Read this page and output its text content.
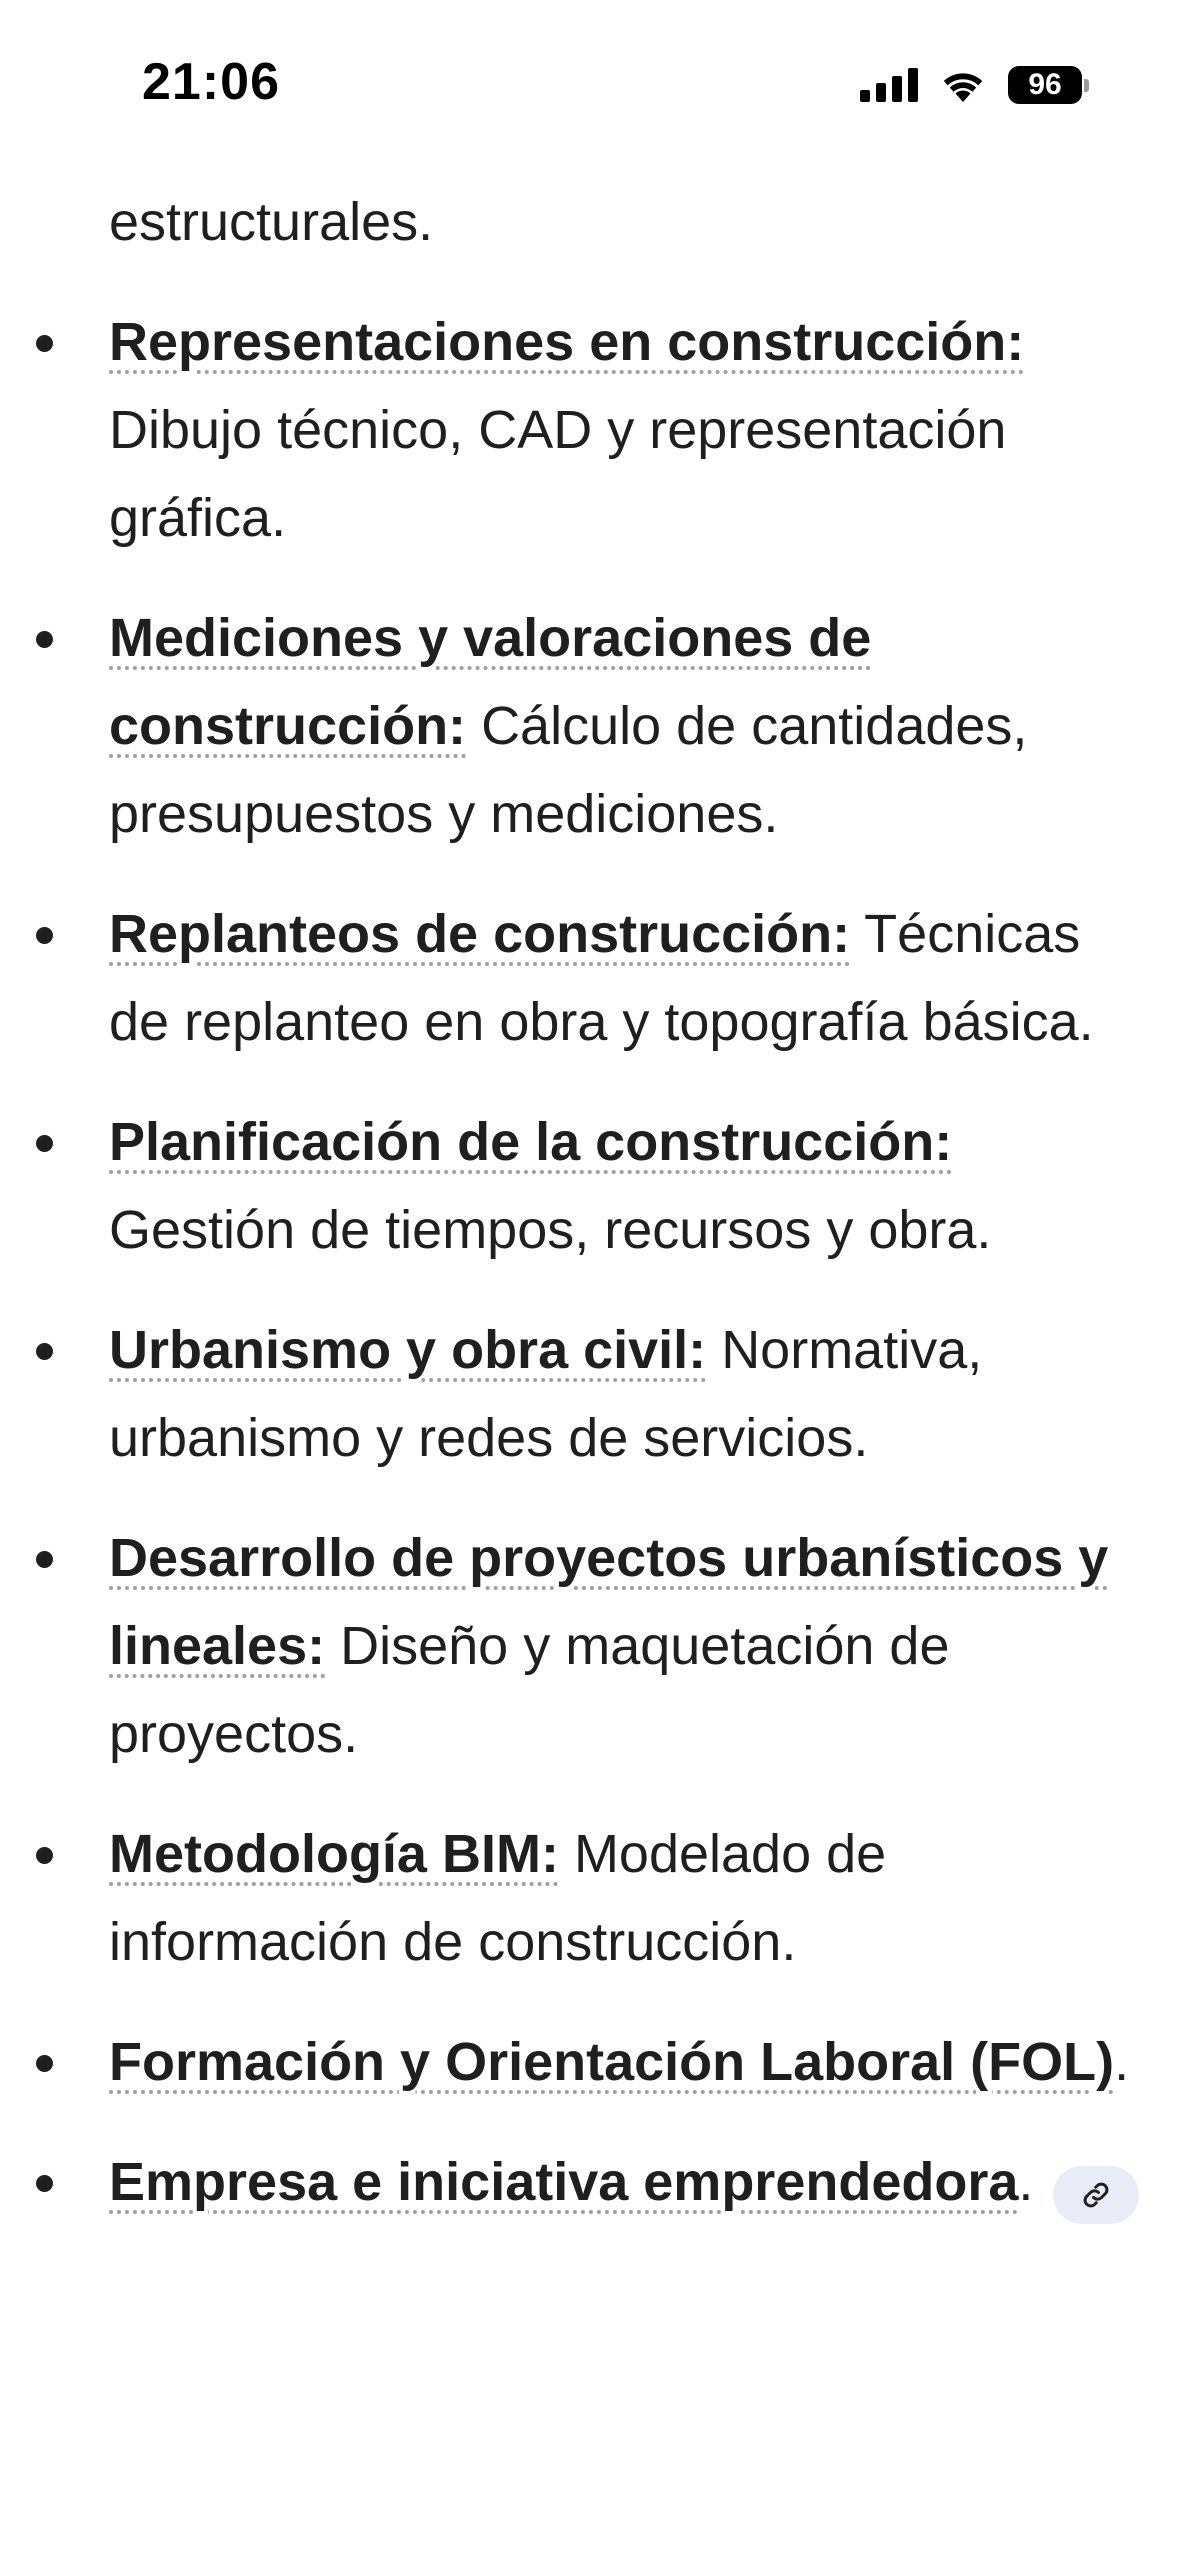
21:06	96

estructurales.

Representaciones en construcción: Dibujo técnico, CAD y representación gráfica.
Mediciones y valoraciones de construcción: Cálculo de cantidades, presupuestos y mediciones.
Replanteos de construcción: Técnicas de replanteo en obra y topografía básica.
Planificación de la construcción: Gestión de tiempos, recursos y obra.
Urbanismo y obra civil: Normativa, urbanismo y redes de servicios.
Desarrollo de proyectos urbanísticos y lineales: Diseño y maquetación de proyectos.
Metodología BIM: Modelado de información de construcción.
Formación y Orientación Laboral (FOL).
Empresa e iniciativa emprendedora.
